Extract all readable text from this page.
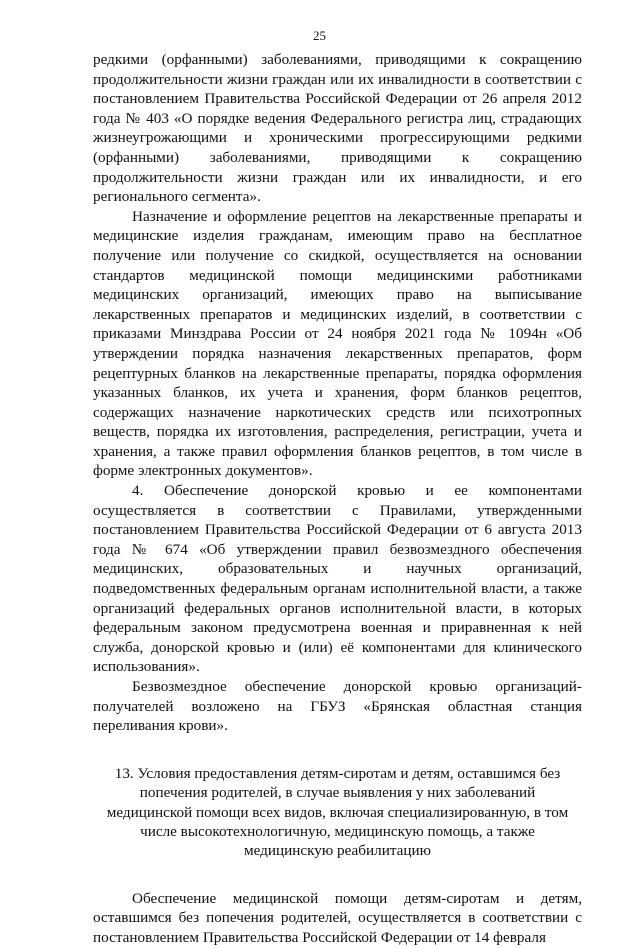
25

редкими (орфанными) заболеваниями, приводящими к сокращению продолжительности жизни граждан или их инвалидности в соответствии с постановлением Правительства Российской Федерации от 26 апреля 2012 года № 403 «О порядке ведения Федерального регистра лиц, страдающих жизнеугрожающими и хроническими прогрессирующими редкими (орфанными) заболеваниями, приводящими к сокращению продолжительности жизни граждан или их инвалидности, и его регионального сегмента».

Назначение и оформление рецептов на лекарственные препараты и медицинские изделия гражданам, имеющим право на бесплатное получение или получение со скидкой, осуществляется на основании стандартов медицинской помощи медицинскими работниками медицинских организаций, имеющих право на выписывание лекарственных препаратов и медицинских изделий, в соответствии с приказами Минздрава России от 24 ноября 2021 года № 1094н «Об утверждении порядка назначения лекарственных препаратов, форм рецептурных бланков на лекарственные препараты, порядка оформления указанных бланков, их учета и хранения, форм бланков рецептов, содержащих назначение наркотических средств или психотропных веществ, порядка их изготовления, распределения, регистрации, учета и хранения, а также правил оформления бланков рецептов, в том числе в форме электронных документов».

4. Обеспечение донорской кровью и ее компонентами осуществляется в соответствии с Правилами, утвержденными постановлением Правительства Российской Федерации от 6 августа 2013 года № 674 «Об утверждении правил безвозмездного обеспечения медицинских, образовательных и научных организаций, подведомственных федеральным органам исполнительной власти, а также организаций федеральных органов исполнительной власти, в которых федеральным законом предусмотрена военная и приравненная к ней служба, донорской кровью и (или) её компонентами для клинического использования».

Безвозмездное обеспечение донорской кровью организаций-получателей возложено на ГБУЗ «Брянская областная станция переливания крови».

13. Условия предоставления детям-сиротам и детям, оставшимся без попечения родителей, в случае выявления у них заболеваний медицинской помощи всех видов, включая специализированную, в том числе высокотехнологичную, медицинскую помощь, а также медицинскую реабилитацию

Обеспечение медицинской помощи детям-сиротам и детям, оставшимся без попечения родителей, осуществляется в соответствии с постановлением Правительства Российской Федерации от 14 февраля
